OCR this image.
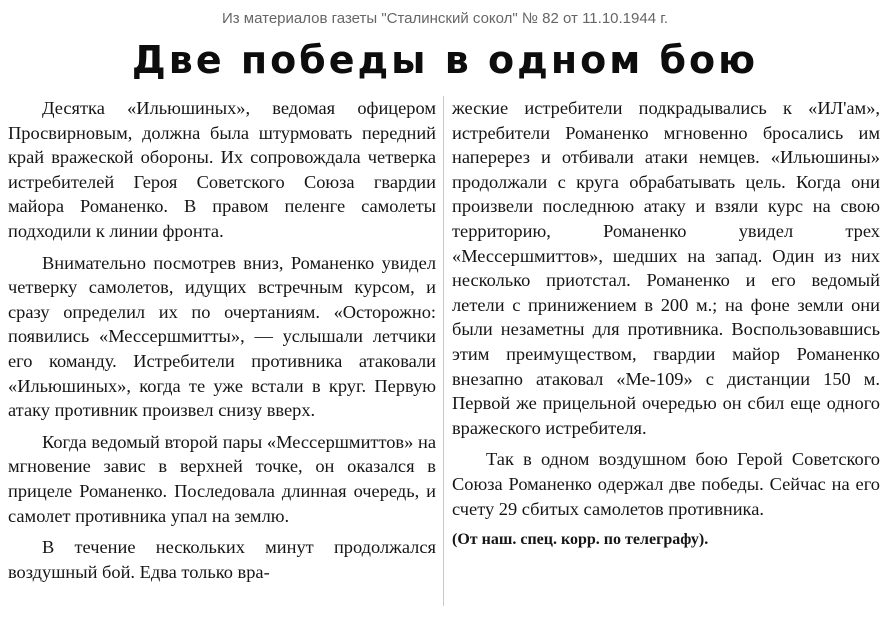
Из материалов газеты "Сталинский сокол" № 82 от 11.10.1944 г.
Две победы в одном бою

Десятка «Ильюшиных», ведомая офицером Просвирновым, должна была штурмовать передний край вражеской обороны. Их сопровождала четверка истребителей Героя Советского Союза гвардии майора Романенко. В правом пеленге самолеты подходили к линии фронта.

Внимательно посмотрев вниз, Романенко увидел четверку самолетов, идущих встречным курсом, и сразу определил их по очертаниям. «Осторожно: появились «Мессершмитты», — услышали летчики его команду. Истребители противника атаковали «Ильюшиных», когда те уже встали в круг. Первую атаку противник произвел снизу вверх.

Когда ведомый второй пары «Мессершмиттов» на мгновение завис в верхней точке, он оказался в прицеле Романенко. Последовала длинная очередь, и самолет противника упал на землю.

В течение нескольких минут продолжался воздушный бой. Едва только вра-

жеские истребители подкрадывались к «ИЛ'ам», истребители Романенко мгновенно бросались им наперерез и отбивали атаки немцев. «Ильюшины» продолжали с круга обрабатывать цель. Когда они произвели последнюю атаку и взяли курс на свою территорию, Романенко увидел трех «Мессершмиттов», шедших на запад. Один из них несколько приотстал. Романенко и его ведомый летели с принижением в 200 м.; на фоне земли они были незаметны для противника. Воспользовавшись этим преимуществом, гвардии майор Романенко внезапно атаковал «Ме-109» с дистанции 150 м. Первой же прицельной очередью он сбил еще одного вражеского истребителя.

Так в одном воздушном бою Герой Советского Союза Романенко одержал две победы. Сейчас на его счету 29 сбитых самолетов противника.

(От наш. спец. корр. по телеграфу).
